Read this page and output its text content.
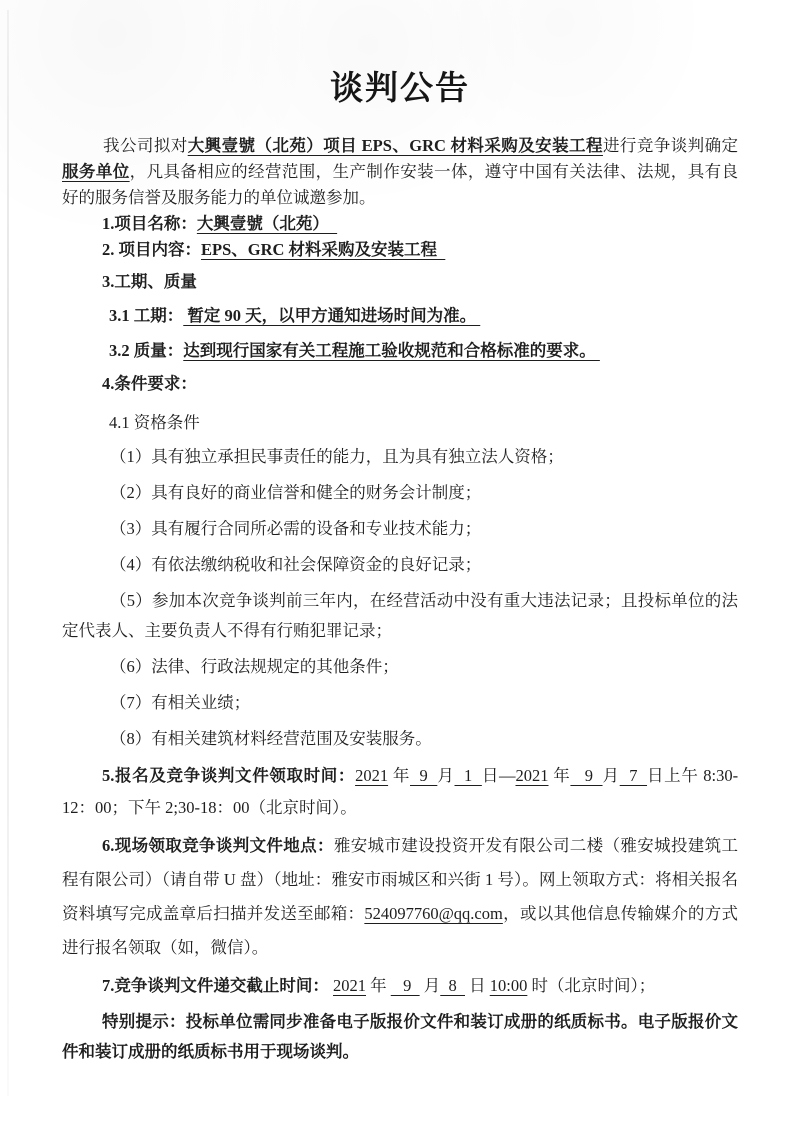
谈判公告

我公司拟对大興壹號（北苑）项目 EPS、GRC 材料采购及安装工程进行竞争谈判确定服务单位，凡具备相应的经营范围，生产制作安装一体，遵守中国有关法律、法规，具有良好的服务信誉及服务能力的单位诚邀参加。

1.项目名称：大興壹號（北苑）

2. 项目内容：EPS、GRC 材料采购及安装工程

3.工期、质量

3.1 工期： 暂定 90 天，以甲方通知进场时间为准。

3.2 质量：达到现行国家有关工程施工验收规范和合格标准的要求。

4.条件要求：

4.1 资格条件

（1）具有独立承担民事责任的能力，且为具有独立法人资格；

（2）具有良好的商业信誉和健全的财务会计制度；

（3）具有履行合同所必需的设备和专业技术能力；

（4）有依法缴纳税收和社会保障资金的良好记录；

（5）参加本次竞争谈判前三年内，在经营活动中没有重大违法记录；且投标单位的法定代表人、主要负责人不得有行贿犯罪记录；

（6）法律、行政法规规定的其他条件；

（7）有相关业绩；

（8）有相关建筑材料经营范围及安装服务。

5.报名及竞争谈判文件领取时间：2021 年  9  月  1  日—2021 年   9  月  7  日上午 8:30-12：00；下午 2;30-18：00（北京时间）。

6.现场领取竞争谈判文件地点：雅安城市建设投资开发有限公司二楼（雅安城投建筑工程有限公司）（请自带 U 盘）（地址：雅安市雨城区和兴街 1 号）。网上领取方式：将相关报名资料填写完成盖章后扫描并发送至邮箱：524097760@qq.com，或以其他信息传输媒介的方式进行报名领取（如，微信）。

7.竞争谈判文件递交截止时间： 2021 年    9   月  8   日 10:00 时（北京时间）；

特别提示：投标单位需同步准备电子版报价文件和装订成册的纸质标书。电子版报价文件和装订成册的纸质标书用于现场谈判。
